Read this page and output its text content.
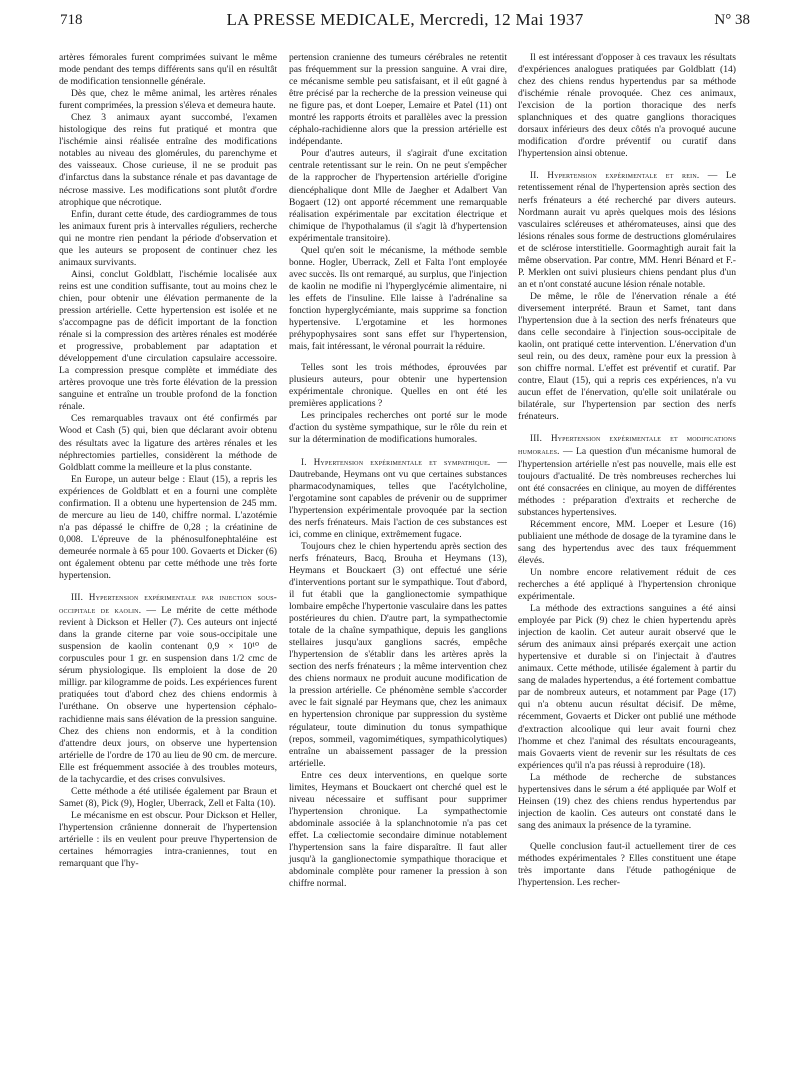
718	LA PRESSE MEDICALE, Mercredi, 12 Mai 1937	N° 38

artères fémorales furent comprimées suivant le même mode pendant des temps différents sans qu'il en résultât de modification tensionnelle générale.

Dès que, chez le même animal, les artères rénales furent comprimées, la pression s'éleva et demeura haute.

Chez 3 animaux ayant succombé, l'examen histologique des reins fut pratiqué et montra que l'ischémie ainsi réalisée entraîne des modifications notables au niveau des glomérules, du parenchyme et des vaisseaux. Chose curieuse, il ne se produit pas d'infarctus dans la substance rénale et pas davantage de nécrose massive. Les modifications sont plutôt d'ordre atrophique que nécrotique.

Enfin, durant cette étude, des cardiogrammes de tous les animaux furent pris à intervalles réguliers, recherche qui ne montre rien pendant la période d'observation et que les auteurs se proposent de continuer chez les animaux survivants.

Ainsi, conclut Goldblatt, l'ischémie localisée aux reins est une condition suffisante, tout au moins chez le chien, pour obtenir une élévation permanente de la pression artérielle. Cette hypertension est isolée et ne s'accompagne pas de déficit important de la fonction rénale si la compression des artères rénales est modérée et progressive, probablement par adaptation et développement d'une circulation capsulaire accessoire. La compression presque complète et immédiate des artères provoque une très forte élévation de la pression sanguine et entraîne un trouble profond de la fonction rénale.

Ces remarquables travaux ont été confirmés par Wood et Cash (5) qui, bien que déclarant avoir obtenu des résultats avec la ligature des artères rénales et les néphrectomies partielles, considèrent la méthode de Goldblatt comme la meilleure et la plus constante.

En Europe, un auteur belge : Elaut (15), a repris les expériences de Goldblatt et en a fourni une complète confirmation. Il a obtenu une hypertension de 245 mm. de mercure au lieu de 140, chiffre normal. L'azotémie n'a pas dépassé le chiffre de 0,28 ; la créatinine de 0,008. L'épreuve de la phénosulfonephtaléine est demeurée normale à 65 pour 100. Govaerts et Dicker (6) ont également obtenu par cette méthode une très forte hypertension.

III. Hypertension expérimentale par injection sous-occipitale de kaolin. — Le mérite de cette méthode revient à Dickson et Heller (7). Ces auteurs ont injecté dans la grande citerne par voie sous-occipitale une suspension de kaolin contenant 0,9 × 10¹⁰ de corpuscules pour 1 gr. en suspension dans 1/2 cmc de sérum physiologique. Ils emploient la dose de 20 milligr. par kilogramme de poids. Les expériences furent pratiquées tout d'abord chez des chiens endormis à l'uréthane. On observe une hypertension céphalo-rachidienne mais sans élévation de la pression sanguine. Chez des chiens non endormis, et à la condition d'attendre deux jours, on observe une hypertension artérielle de l'ordre de 170 au lieu de 90 cm. de mercure. Elle est fréquemment associée à des troubles moteurs, de la tachycardie, et des crises convulsives.

Cette méthode a été utilisée également par Braun et Samet (8), Pick (9), Hogler, Uberrack, Zell et Falta (10).

Le mécanisme en est obscur. Pour Dickson et Heller, l'hypertension crânienne donnerait de l'hypertension artérielle : ils en veulent pour preuve l'hypertension de certaines hémorragies intra-craniennes, tout en remarquant que l'hy-

pertension cranienne des tumeurs cérébrales ne retentit pas fréquemment sur la pression sanguine. A vrai dire, ce mécanisme semble peu satisfaisant, et il eût gagné à être précisé par la recherche de la pression veineuse qui ne figure pas, et dont Loeper, Lemaire et Patel (11) ont montré les rapports étroits et parallèles avec la pression céphalo-rachidienne alors que la pression artérielle est indépendante.

Pour d'autres auteurs, il s'agirait d'une excitation centrale retentissant sur le rein. On ne peut s'empêcher de la rapprocher de l'hypertension artérielle d'origine diencéphalique dont Mlle de Jaegher et Adalbert Van Bogaert (12) ont apporté récemment une remarquable réalisation expérimentale par excitation électrique et chimique de l'hypothalamus (il s'agit là d'hypertension expérimentale transitoire).

Quel qu'en soit le mécanisme, la méthode semble bonne. Hogler, Uberrack, Zell et Falta l'ont employée avec succès. Ils ont remarqué, au surplus, que l'injection de kaolin ne modifie ni l'hyperglycémie alimentaire, ni les effets de l'insuline. Elle laisse à l'adrénaline sa fonction hyperglycémiante, mais supprime sa fonction hypertensive. L'ergotamine et les hormones préhypophysaires sont sans effet sur l'hypertension, mais, fait intéressant, le véronal pourrait la réduire.

Telles sont les trois méthodes, éprouvées par plusieurs auteurs, pour obtenir une hypertension expérimentale chronique. Quelles en ont été les premières applications ?

Les principales recherches ont porté sur le mode d'action du système sympathique, sur le rôle du rein et sur la détermination de modifications humorales.

I. Hypertension expérimentale et sympathique. — Dautrebande, Heymans ont vu que certaines substances pharmacodynamiques, telles que l'acétylcholine, l'ergotamine sont capables de prévenir ou de supprimer l'hypertension expérimentale provoquée par la section des nerfs frénateurs. Mais l'action de ces substances est ici, comme en clinique, extrêmement fugace.

Toujours chez le chien hypertendu après section des nerfs frénateurs, Bacq, Brouha et Heymans (13), Heymans et Bouckaert (3) ont effectué une série d'interventions portant sur le sympathique. Tout d'abord, il fut établi que la ganglionectomie sympathique lombaire empêche l'hypertonie vasculaire dans les pattes postérieures du chien. D'autre part, la sympathectomie totale de la chaîne sympathique, depuis les ganglions stellaires jusqu'aux ganglions sacrés, empêche l'hypertension de s'établir dans les artères après la section des nerfs frénateurs ; la même intervention chez des chiens normaux ne produit aucune modification de la pression artérielle. Ce phénomène semble s'accorder avec le fait signalé par Heymans que, chez les animaux en hypertension chronique par suppression du système régulateur, toute diminution du tonus sympathique (repos, sommeil, vagomimétiques, sympathicolytiques) entraîne un abaissement passager de la pression artérielle.

Entre ces deux interventions, en quelque sorte limites, Heymans et Bouckaert ont cherché quel est le niveau nécessaire et suffisant pour supprimer l'hypertension chronique. La sympathectomie abdominale associée à la splanchnotomie n'a pas cet effet. La cœliectomie secondaire diminue notablement l'hypertension sans la faire disparaître. Il faut aller jusqu'à la ganglionectomie sympathique thoracique et abdominale complète pour ramener la pression à son chiffre normal.

Il est intéressant d'opposer à ces travaux les résultats d'expériences analogues pratiquées par Goldblatt (14) chez des chiens rendus hypertendus par sa méthode d'ischémie rénale provoquée. Chez ces animaux, l'excision de la portion thoracique des nerfs splanchniques et des quatre ganglions thoraciques dorsaux inférieurs des deux côtés n'a provoqué aucune modification d'ordre préventif ou curatif dans l'hypertension ainsi obtenue.

II. Hypertension expérimentale et rein. — Le retentissement rénal de l'hypertension après section des nerfs frénateurs a été recherché par divers auteurs. Nordmann aurait vu après quelques mois des lésions vasculaires scléreuses et athéromateuses, ainsi que des lésions rénales sous forme de destructions glomérulaires et de sclérose interstitielle. Goormaghtigh aurait fait la même observation. Par contre, MM. Henri Bénard et F.-P. Merklen ont suivi plusieurs chiens pendant plus d'un an et n'ont constaté aucune lésion rénale notable.

De même, le rôle de l'énervation rénale a été diversement interprété. Braun et Samet, tant dans l'hypertension due à la section des nerfs frénateurs que dans celle secondaire à l'injection sous-occipitale de kaolin, ont pratiqué cette intervention. L'énervation d'un seul rein, ou des deux, ramène pour eux la pression à son chiffre normal. L'effet est préventif et curatif. Par contre, Elaut (15), qui a repris ces expériences, n'a vu aucun effet de l'énervation, qu'elle soit unilatérale ou bilatérale, sur l'hypertension par section des nerfs frénateurs.

III. Hypertension expérimentale et modifications humorales. — La question d'un mécanisme humoral de l'hypertension artérielle n'est pas nouvelle, mais elle est toujours d'actualité. De très nombreuses recherches lui ont été consacrées en clinique, au moyen de différentes méthodes : préparation d'extraits et recherche de substances hypertensives.

Récemment encore, MM. Loeper et Lesure (16) publiaient une méthode de dosage de la tyramine dans le sang des hypertendus avec des taux fréquemment élevés.

Un nombre encore relativement réduit de ces recherches a été appliqué à l'hypertension chronique expérimentale.

La méthode des extractions sanguines a été ainsi employée par Pick (9) chez le chien hypertendu après injection de kaolin. Cet auteur aurait observé que le sérum des animaux ainsi préparés exerçait une action hypertensive et durable si on l'injectait à d'autres animaux. Cette méthode, utilisée également à partir du sang de malades hypertendus, a été fortement combattue par de nombreux auteurs, et notamment par Page (17) qui n'a obtenu aucun résultat décisif. De même, récemment, Govaerts et Dicker ont publié une méthode d'extraction alcoolique qui leur avait fourni chez l'homme et chez l'animal des résultats encourageants, mais Govaerts vient de revenir sur les résultats de ces expériences qu'il n'a pas réussi à reproduire (18).

La méthode de recherche de substances hypertensives dans le sérum a été appliquée par Wolf et Heinsen (19) chez des chiens rendus hypertendus par injection de kaolin. Ces auteurs ont constaté dans le sang des animaux la présence de la tyramine.

Quelle conclusion faut-il actuellement tirer de ces méthodes expérimentales ? Elles constituent une étape très importante dans l'étude pathogénique de l'hypertension. Les recher-
